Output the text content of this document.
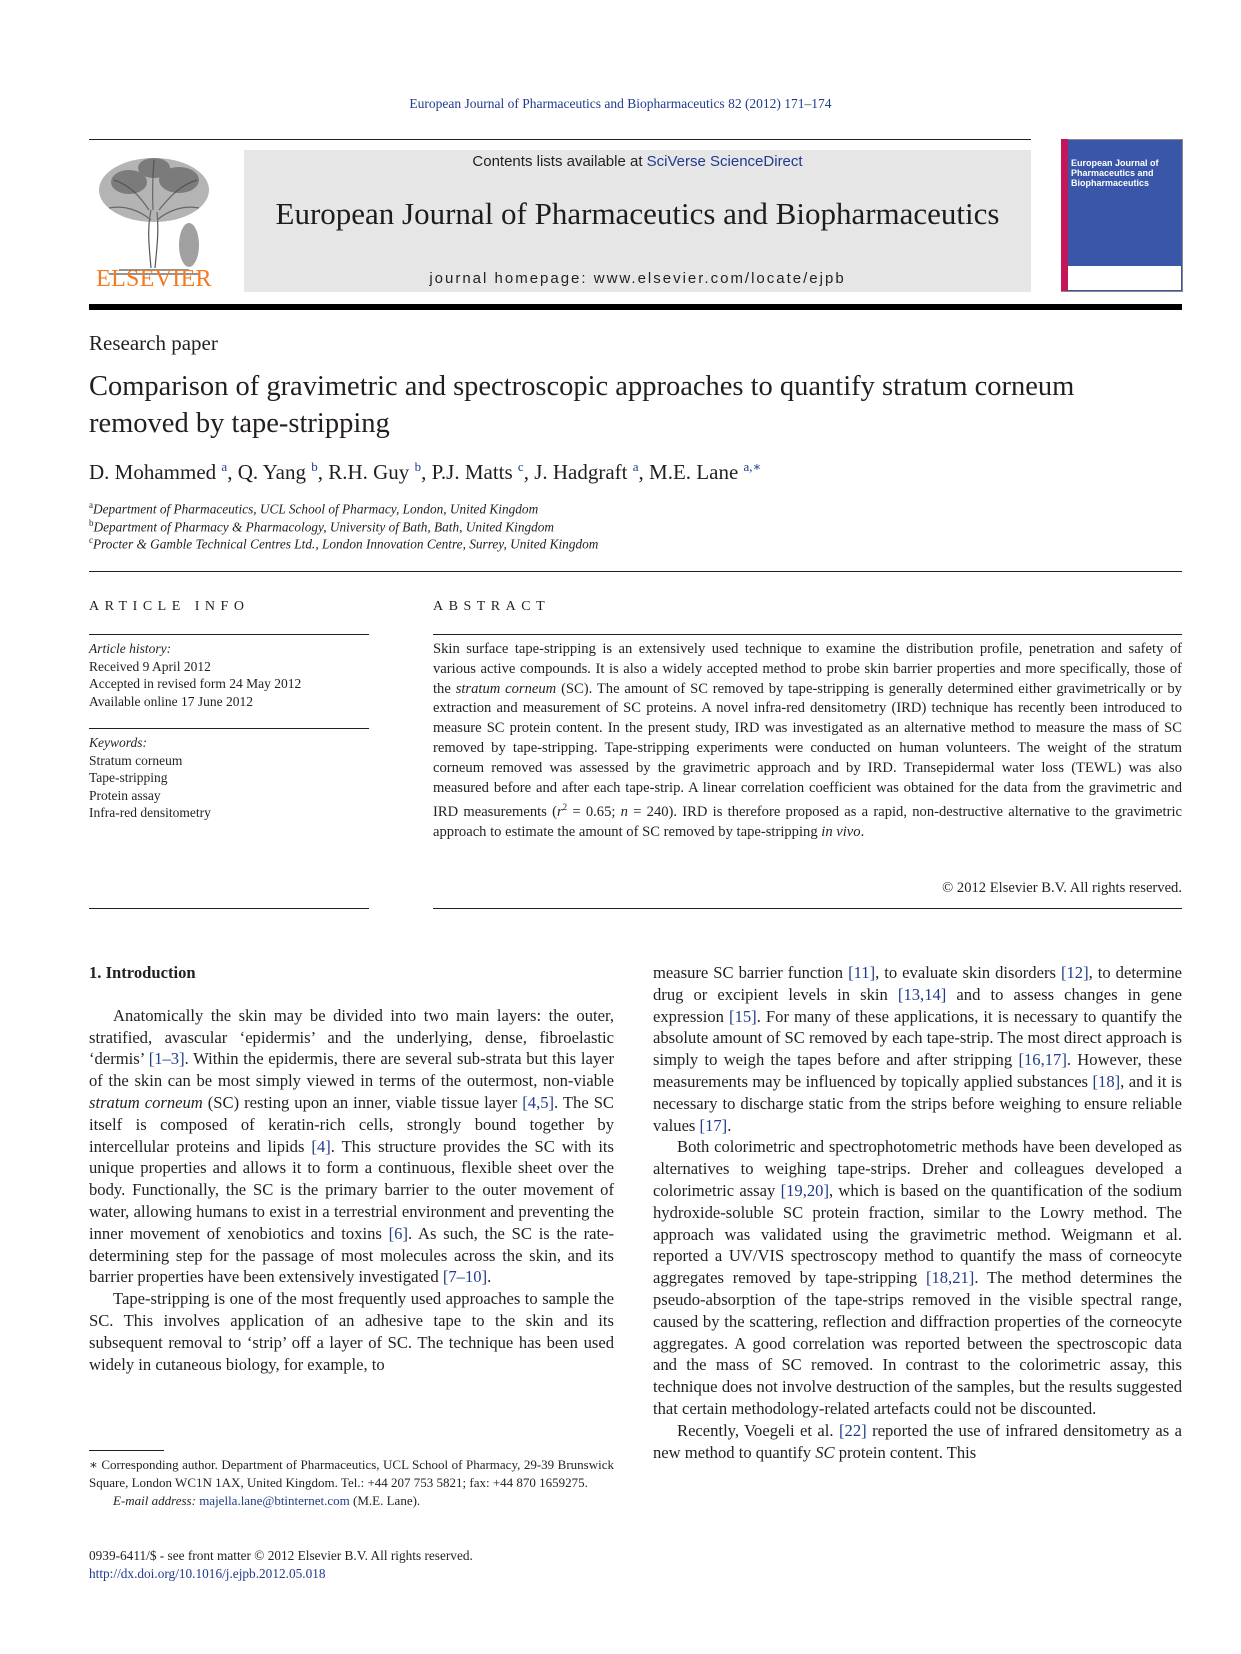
European Journal of Pharmaceutics and Biopharmaceutics 82 (2012) 171–174
ELSEVIER
Contents lists available at SciVerse ScienceDirect
European Journal of Pharmaceutics and Biopharmaceutics
journal homepage: www.elsevier.com/locate/ejpb
European Journal of Pharmaceutics and Biopharmaceutics
Research paper
Comparison of gravimetric and spectroscopic approaches to quantify stratum corneum removed by tape-stripping
D. Mohammed $^a$, Q. Yang $^b$, R.H. Guy $^b$, P.J. Matts $^c$, J. Hadgraft $^a$, M.E. Lane $^{a,∗}$
$^a$Department of Pharmaceutics, UCL School of Pharmacy, London, United Kingdom
$^b$Department of Pharmacy & Pharmacology, University of Bath, Bath, United Kingdom
$^c$Procter & Gamble Technical Centres Ltd., London Innovation Centre, Surrey, United Kingdom
ARTICLE INFO
Article history:
Received 9 April 2012
Accepted in revised form 24 May 2012
Available online 17 June 2012
Keywords:
Stratum corneum
Tape-stripping
Protein assay
Infra-red densitometry
ABSTRACT
Skin surface tape-stripping is an extensively used technique to examine the distribution profile, penetration and safety of various active compounds. It is also a widely accepted method to probe skin barrier properties and more specifically, those of the stratum corneum (SC). The amount of SC removed by tape-stripping is generally determined either gravimetrically or by extraction and measurement of SC proteins. A novel infra-red densitometry (IRD) technique has recently been introduced to measure SC protein content. In the present study, IRD was investigated as an alternative method to measure the mass of SC removed by tape-stripping. Tape-stripping experiments were conducted on human volunteers. The weight of the stratum corneum removed was assessed by the gravimetric approach and by IRD. Transepidermal water loss (TEWL) was also measured before and after each tape-strip. A linear correlation coefficient was obtained for the data from the gravimetric and IRD measurements ($r^2 = 0.65$; n = 240). IRD is therefore proposed as a rapid, non-destructive alternative to the gravimetric approach to estimate the amount of SC removed by tape-stripping in vivo.
© 2012 Elsevier B.V. All rights reserved.

1. Introduction

Anatomically the skin may be divided into two main layers: the outer, stratified, avascular ‘epidermis’ and the underlying, dense, fibroelastic ‘dermis’ [1–3]. Within the epidermis, there are several sub-strata but this layer of the skin can be most simply viewed in terms of the outermost, non-viable stratum corneum (SC) resting upon an inner, viable tissue layer [4,5]. The SC itself is composed of keratin-rich cells, strongly bound together by intercellular proteins and lipids [4]. This structure provides the SC with its unique properties and allows it to form a continuous, flexible sheet over the body. Functionally, the SC is the primary barrier to the outer movement of water, allowing humans to exist in a terrestrial environment and preventing the inner movement of xenobiotics and toxins [6]. As such, the SC is the rate-determining step for the passage of most molecules across the skin, and its barrier properties have been extensively investigated [7–10].

Tape-stripping is one of the most frequently used approaches to sample the SC. This involves application of an adhesive tape to the skin and its subsequent removal to ‘strip’ off a layer of SC. The technique has been used widely in cutaneous biology, for example, to

measure SC barrier function [11], to evaluate skin disorders [12], to determine drug or excipient levels in skin [13,14] and to assess changes in gene expression [15]. For many of these applications, it is necessary to quantify the absolute amount of SC removed by each tape-strip. The most direct approach is simply to weigh the tapes before and after stripping [16,17]. However, these measurements may be influenced by topically applied substances [18], and it is necessary to discharge static from the strips before weighing to ensure reliable values [17].

Both colorimetric and spectrophotometric methods have been developed as alternatives to weighing tape-strips. Dreher and colleagues developed a colorimetric assay [19,20], which is based on the quantification of the sodium hydroxide-soluble SC protein fraction, similar to the Lowry method. The approach was validated using the gravimetric method. Weigmann et al. reported a UV/VIS spectroscopy method to quantify the mass of corneocyte aggregates removed by tape-stripping [18,21]. The method determines the pseudo-absorption of the tape-strips removed in the visible spectral range, caused by the scattering, reflection and diffraction properties of the corneocyte aggregates. A good correlation was reported between the spectroscopic data and the mass of SC removed. In contrast to the colorimetric assay, this technique does not involve destruction of the samples, but the results suggested that certain methodology-related artefacts could not be discounted.

Recently, Voegeli et al. [22] reported the use of infrared densitometry as a new method to quantify SC protein content. This

∗ Corresponding author. Department of Pharmaceutics, UCL School of Pharmacy, 29-39 Brunswick Square, London WC1N 1AX, United Kingdom. Tel.: +44 207 753 5821; fax: +44 870 1659275.

E-mail address: majella.lane@btinternet.com (M.E. Lane).

0939-6411/$ - see front matter © 2012 Elsevier B.V. All rights reserved.
http://dx.doi.org/10.1016/j.ejpb.2012.05.018
